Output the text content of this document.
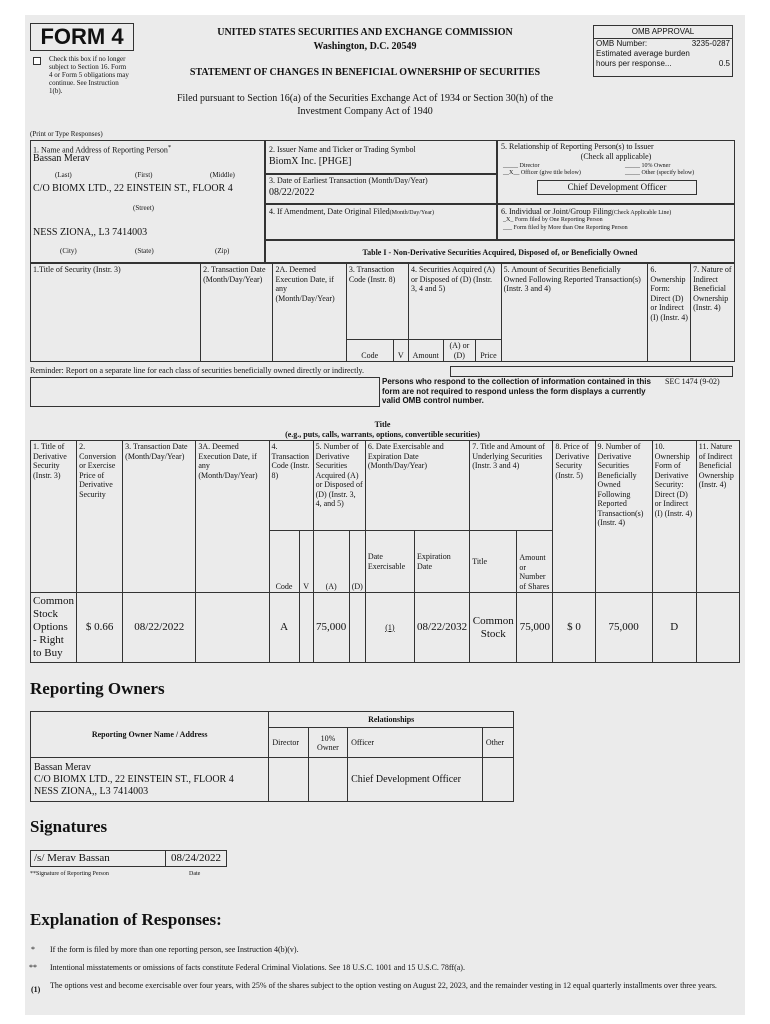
FORM 4
Check this box if no longer subject to Section 16. Form 4 or Form 5 obligations may continue. See Instruction 1(b).
UNITED STATES SECURITIES AND EXCHANGE COMMISSION
Washington, D.C. 20549
STATEMENT OF CHANGES IN BENEFICIAL OWNERSHIP OF SECURITIES
Filed pursuant to Section 16(a) of the Securities Exchange Act of 1934 or Section 30(h) of the
Investment Company Act of 1940
OMB APPROVAL
OMB Number:	3235-0287
Estimated average burden
hours per response...	0.5
(Print or Type Responses)
1. Name and Address of Reporting Person*
Bassan Merav
(Last)	(First)	(Middle)
C/O BIOMX LTD., 22 EINSTEIN ST., FLOOR 4
(Street)
NESS ZIONA,, L3 7414003
(City)	(State)	(Zip)
2. Issuer Name and Ticker or Trading Symbol
BiomX Inc. [PHGE]
3. Date of Earliest Transaction (Month/Day/Year)
08/22/2022
4. If Amendment, Date Original Filed(Month/Day/Year)
5. Relationship of Reporting Person(s) to Issuer
(Check all applicable)
_____ Director	_____ 10% Owner
__X__ Officer (give title below)	_____ Other (specify below)
Chief Development Officer
6. Individual or Joint/Group Filing(Check Applicable Line)
_X_ Form filed by One Reporting Person
___ Form filed by More than One Reporting Person
Table I - Non-Derivative Securities Acquired, Disposed of, or Beneficially Owned
1.Title of Security (Instr. 3)	2. Transaction Date (Month/Day/Year)	2A. Deemed Execution Date, if any (Month/Day/Year)	3. Transaction Code (Instr. 8)		4. Securities Acquired (A) or Disposed of (D) (Instr. 3, 4 and 5)			5. Amount of Securities Beneficially Owned Following Reported Transaction(s) (Instr. 3 and 4)	6. Ownership Form: Direct (D) or Indirect (I) (Instr. 4)	7. Nature of Indirect Beneficial Ownership (Instr. 4)
			Code	V	Amount	(A) or (D)	Price			
Reminder: Report on a separate line for each class of securities beneficially owned directly or indirectly.
Persons who respond to the collection of information contained in this form are not required to respond unless the form displays a currently valid OMB control number.
SEC 1474 (9-02)
Title
(e.g., puts, calls, warrants, options, convertible securities)
1. Title of Derivative Security (Instr. 3)	2. Conversion or Exercise Price of Derivative Security	3. Transaction Date (Month/Day/Year)	3A. Deemed Execution Date, if any (Month/Day/Year)	4. Transaction Code (Instr. 8)		5. Number of Derivative Securities Acquired (A) or Disposed of (D) (Instr. 3, 4, and 5)		6. Date Exercisable and Expiration Date (Month/Day/Year)		7. Title and Amount of Underlying Securities (Instr. 3 and 4)		8. Price of Derivative Security (Instr. 5)	9. Number of Derivative Securities Beneficially Owned Following Reported Transaction(s) (Instr. 4)	10. Ownership Form of Derivative Security: Direct (D) or Indirect (I) (Instr. 4)	11. Nature of Indirect Beneficial Ownership (Instr. 4)
				Code	V	(A)	(D)	Date Exercisable	Expiration Date	Title	Amount or Number of Shares				
Common Stock Options - Right to Buy	$ 0.66	08/22/2022		A		75,000		(1)	08/22/2032	Common Stock	75,000	$ 0	75,000	D	
Reporting Owners
Reporting Owner Name / Address	Relationships			
	Director	10% Owner	Officer	Other

Bassan Merav
C/O BIOMX LTD., 22 EINSTEIN ST., FLOOR 4
NESS ZIONA,, L3 7414003			Chief Development Officer	
Signatures
/s/ Merav Bassan	08/24/2022
**Signature of Reporting Person	Date
Explanation of Responses:
* If the form is filed by more than one reporting person, see Instruction 4(b)(v).
** Intentional misstatements or omissions of facts constitute Federal Criminal Violations. See 18 U.S.C. 1001 and 15 U.S.C. 78ff(a).
(1) The options vest and become exercisable over four years, with 25% of the shares subject to the option vesting on August 22, 2023, and the remainder vesting in 12 equal quarterly installments over three years.
